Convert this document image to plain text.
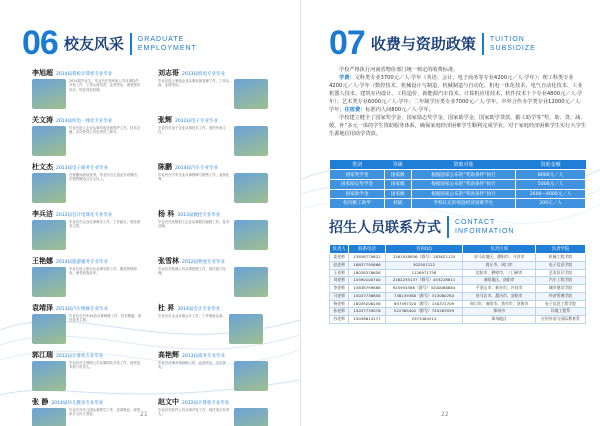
06 校友风采 GRADUATE
EMPLOYMENT
李旭超 2014届我校计算机专业毕业
2014届毕业生，毕业后在郑州某公司从事软件开发工作，工作认真负责，业绩突出，深受领导好评，现任项目经理。
关文涛 2014届机电一体化专业毕业
毕业后进入企业从事机电设备维护工作，技术过硬，多次获得公司优秀员工称号。
杜文杰 2013届电子商务专业毕业
在校期间表现优秀，毕业后自主创业开设网店，年销售额达百万元以上。
李兵洁 2012届会计电算化专业毕业
毕业后在企业从事财务工作，工作踏实，现任财务主管。
王艳娜 2014届旅游服务专业毕业
毕业后进入旅行社从事导游工作，服务热情周到，深受游客好评。
袁靖泽 2013届汽车维修专业毕业
毕业后在汽车4S店从事维修工作，技术精湛，现任技术主管。
郭江瑞 2012届计算机专业毕业
毕业后在互联网公司从事网站开发工作，现任技术部门负责人。
张 静 2014届幼儿教育专业毕业
毕业后在幼儿园从事教学工作，爱岗敬业，深受家长与孩子喜爱。
刘志哥 2013届机电专业毕业
毕业后进入制造企业从事设备管理工作，工作认真，业绩突出。
张辉 2012届电子专业毕业
毕业后在电子企业从事技术工作，现任车间主任。
陈鹏 2014届汽车专业毕业
毕业后在汽车企业从事维修与销售工作，表现优秀。
杨 科 2013届数控专业毕业
毕业后在机械加工企业从事数控编程工作，技术过硬。
张雪林 2012届物流专业毕业
毕业后在物流公司从事管理工作，现任部门经理。
杜 昇 2014届会计专业毕业
毕业后在企业从事会计工作，工作细致认真。
高艳辉 2013届商务专业毕业
毕业后从事市场营销工作，业绩突出，多次获奖。
赵文中 2012届计算机专业毕业
毕业后在软件公司从事开发工作，现任项目负责人。
21
07 收费与资助政策 TUITION
SUBSIDIZE

学校严格执行河南省物价部门统一核定的收费标准。

学费：文科类专业3700元／人·学年（英语、会计、电子商务等专业4200元／人·学年）；理工科类专业4200元／人·学年（数控技术、机械设计与制造、机械制造与自动化、机电一体化技术、电气自动化技术、工业机器人技术、建筑室内设计、工程造价、新能源汽车技术、计算机应用技术、软件技术十个专业4800元／人·学年）；艺术类专业6000元／人·学年；二年制学历类专业7000元／人·学年。中外合作办学类专业12000元／人·学年；住宿费：标准内人间800元／人·学年。

学校建立健全了国家奖学金、国家励志奖学金、国家助学金、国家助学贷款、勤工助学等“奖、助、贷、减、缓、补”多元一体的学生资助服务体系，确保家庭经济困难学生顺利完成学业。对于家庭经济困难学生实行大学生生源地信用助学贷款。

类别	等级	资助对象	资助金额
国家奖学金	国家级	根据国家公布的“奖助条件”执行	8000元／人
国家励志奖学金	国家级	根据国家公布的“奖助条件”执行	5000元／人
国家助学金	国家级	根据国家公布的“奖助条件”执行	2600—4000元／人
校内勤工助学	校级	学校认定的家庭经济困难学生	200元／人
招生人员联系方式 CONTACT
INFORMATION
负责人	联系电话	咨询QQ	负责区域	负责学院
姜老师	13838770622	1261928856（群号）283622125	驻马店地区、濮阳市、开封市	机械工程学院
赵老师	18837795866	302507122	商丘市、周口市	电子信息学院
王老师	18038378658	1126971758	信阳市、鹤壁市、三门峡市	艺术设计学院
刘老师	15590100700	2162255137（群号）453228811	南阳地区、洛阳市	汽车工程学院
李老师	15838799888	925954588（群号）3200086884	平顶山市、新乡市、许昌市	城市建设学院
马老师	15037736858	738159380（群号）313080784	驻马店市、漯河市、安阳市	经济管理学院
杨老师	18039206256	697597320（群号）150372709	周口市、南阳市、焦作市、济源市	电子信息工程学院
孙老师	15037739076	522365402（群号）745283559	郑州市	环境工程系
苏老师	15038612277	2973464313	郑州地区	应用外语与国际教育系
22
